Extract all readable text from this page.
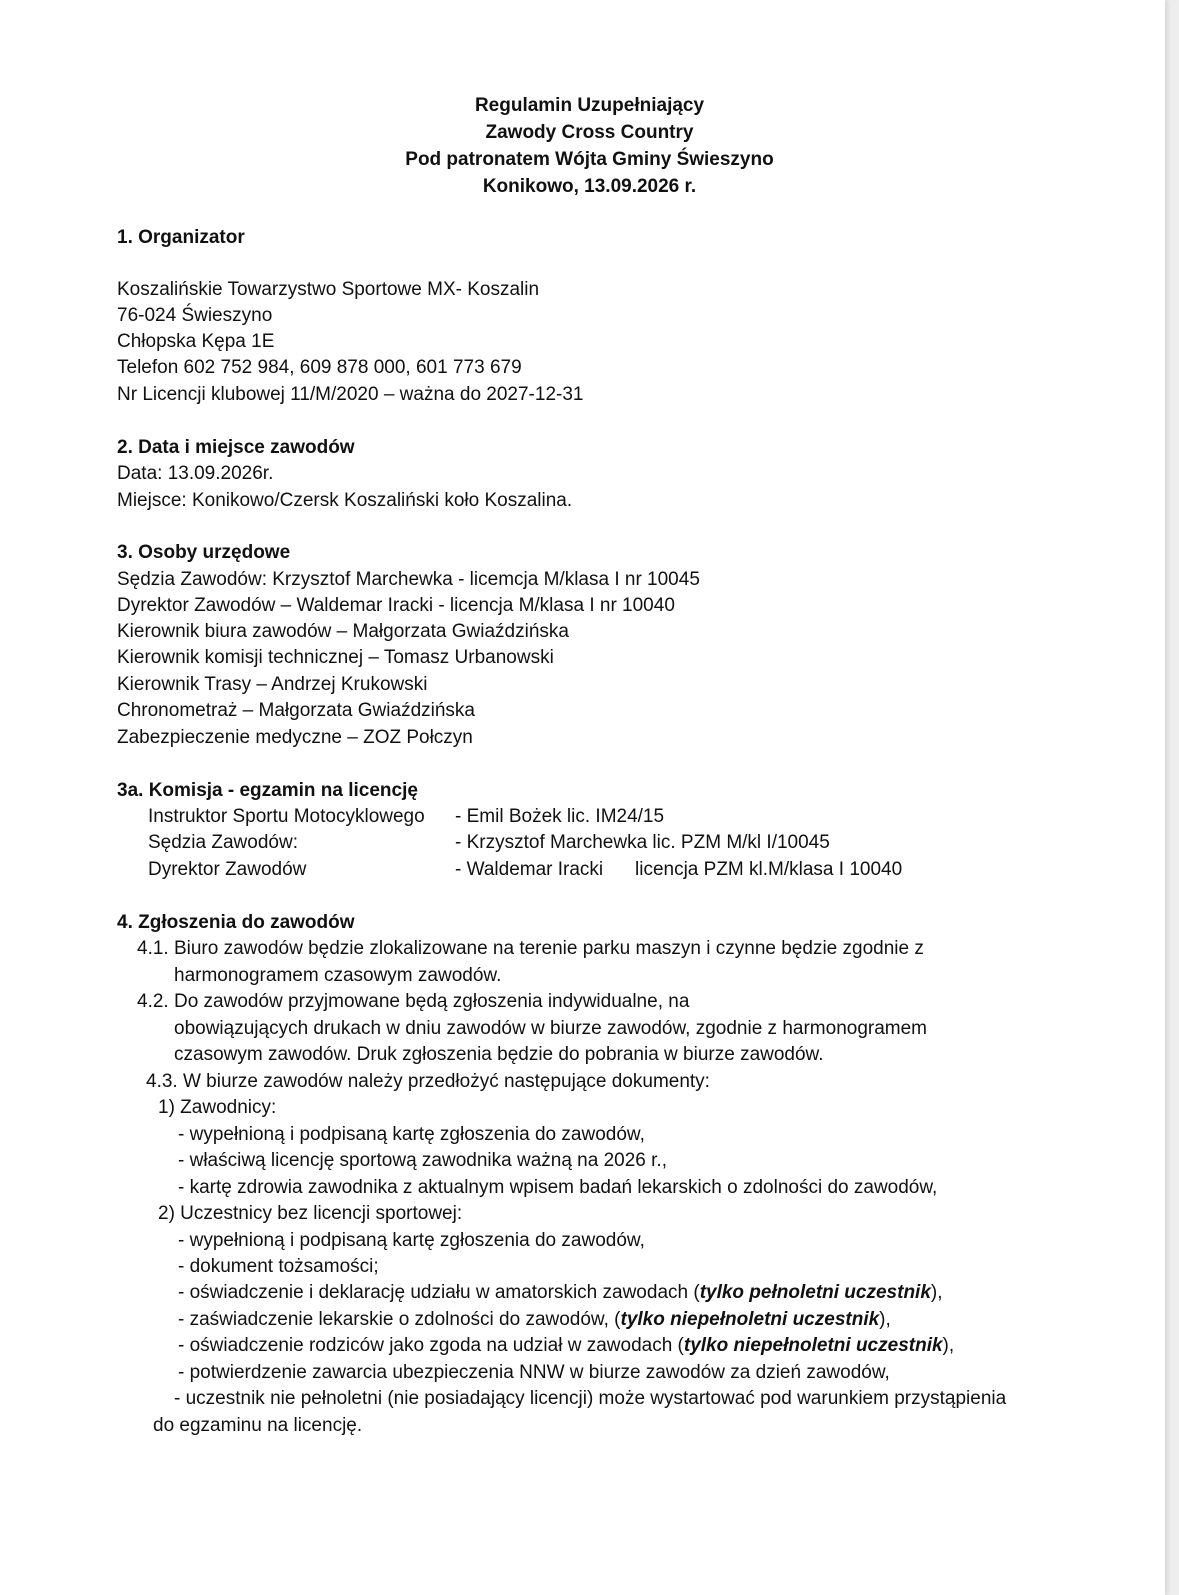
Regulamin Uzupełniający
Zawody Cross Country
Pod patronatem Wójta Gminy Świeszyno
Konikowo, 13.09.2026 r.
1. Organizator
Koszalińskie Towarzystwo Sportowe MX- Koszalin
76-024 Świeszyno
Chłopska Kępa 1E
Telefon 602 752 984, 609 878 000, 601 773 679
Nr Licencji klubowej 11/M/2020 – ważna do 2027-12-31
2. Data i miejsce zawodów
Data: 13.09.2026r.
Miejsce: Konikowo/Czersk Koszaliński koło Koszalina.
3. Osoby urzędowe
Sędzia Zawodów: Krzysztof Marchewka - licemcja M/klasa I nr 10045
Dyrektor Zawodów – Waldemar Iracki - licencja M/klasa I nr 10040
Kierownik biura zawodów – Małgorzata Gwiaździńska
Kierownik komisji technicznej – Tomasz Urbanowski
Kierownik Trasy – Andrzej Krukowski
Chronometraż – Małgorzata Gwiaździńska
Zabezpieczenie medyczne – ZOZ Połczyn
3a. Komisja - egzamin na licencję
Instruktor Sportu Motocyklowego - Emil Bożek lic. IM24/15
Sędzia Zawodów:	- Krzysztof Marchewka lic. PZM M/kl I/10045
Dyrektor Zawodów	- Waldemar Iracki licencja PZM kl.M/klasa I 10040
4. Zgłoszenia do zawodów
4.1. Biuro zawodów będzie zlokalizowane na terenie parku maszyn i czynne będzie zgodnie z
harmonogramem czasowym zawodów.
4.2. Do zawodów przyjmowane będą zgłoszenia indywidualne, na
obowiązujących drukach w dniu zawodów w biurze zawodów, zgodnie z harmonogramem
czasowym zawodów. Druk zgłoszenia będzie do pobrania w biurze zawodów.
4.3. W biurze zawodów należy przedłożyć następujące dokumenty:
1) Zawodnicy:
- wypełnioną i podpisaną kartę zgłoszenia do zawodów,
- właściwą licencję sportową zawodnika ważną na 2026 r.,
- kartę zdrowia zawodnika z aktualnym wpisem badań lekarskich o zdolności do zawodów,
2) Uczestnicy bez licencji sportowej:
- wypełnioną i podpisaną kartę zgłoszenia do zawodów,
- dokument tożsamości;
- oświadczenie i deklarację udziału w amatorskich zawodach (tylko pełnoletni uczestnik),
- zaświadczenie lekarskie o zdolności do zawodów, (tylko niepełnoletni uczestnik),
- oświadczenie rodziców jako zgoda na udział w zawodach (tylko niepełnoletni uczestnik),
- potwierdzenie zawarcia ubezpieczenia NNW w biurze zawodów za dzień zawodów,
- uczestnik nie pełnoletni (nie posiadający licencji) może wystartować pod warunkiem przystąpienia
do egzaminu na licencję.
